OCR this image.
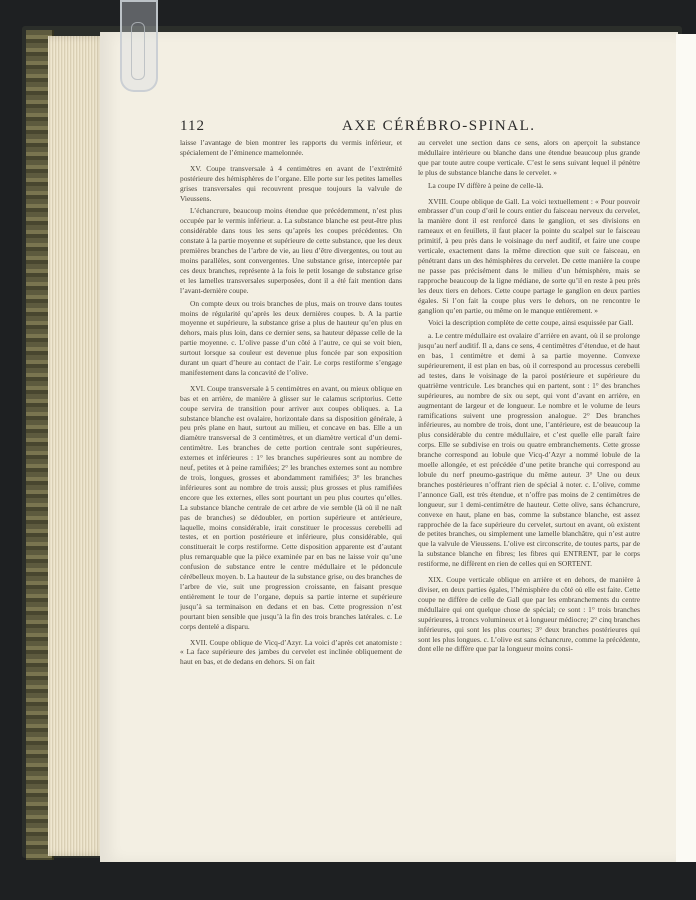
112	AXE CÉRÉBRO-SPINAL.

laisse l’avantage de bien montrer les rapports du vermis inférieur, et spécialement de l’éminence mamelonnée.

XV. Coupe transversale à 4 centimètres en avant de l’extrémité postérieure des hémisphères de l’organe. Elle porte sur les petites lamelles grises transversales qui recouvrent presque toujours la valvule de Vieussens.

L’échancrure, beaucoup moins étendue que précédemment, n’est plus occupée par le vermis inférieur. a. La substance blanche est peut-être plus considérable dans tous les sens qu’après les coupes précédentes. On constate à la partie moyenne et supérieure de cette substance, que les deux premières branches de l’arbre de vie, au lieu d’être divergentes, ou tout au moins parallèles, sont convergentes. Une substance grise, interceptée par ces deux branches, représente à la fois le petit losange de substance grise et les lamelles transversales superposées, dont il a été fait mention dans l’avant-dernière coupe.

On compte deux ou trois branches de plus, mais on trouve dans toutes moins de régularité qu’après les deux dernières coupes. b. A la partie moyenne et supérieure, la substance grise a plus de hauteur qu’en plus en dehors, mais plus loin, dans ce dernier sens, sa hauteur dépasse celle de la partie moyenne. c. L’olive passe d’un côté à l’autre, ce qui se voit bien, surtout lorsque sa couleur est devenue plus foncée par son exposition durant un quart d’heure au contact de l’air. Le corps restiforme s’engage manifestement dans la concavité de l’olive.

XVI. Coupe transversale à 5 centimètres en avant, ou mieux oblique en bas et en arrière, de manière à glisser sur le calamus scriptorius. Cette coupe servira de transition pour arriver aux coupes obliques. a. La substance blanche est ovalaire, horizontale dans sa disposition générale, à peu près plane en haut, surtout au milieu, et concave en bas. Elle a un diamètre transversal de 3 centimètres, et un diamètre vertical d’un demi-centimètre. Les branches de cette portion centrale sont supérieures, externes et inférieures : 1° les branches supérieures sont au nombre de neuf, petites et à peine ramifiées; 2° les branches externes sont au nombre de trois, longues, grosses et abondamment ramifiées; 3° les branches inférieures sont au nombre de trois aussi; plus grosses et plus ramifiées encore que les externes, elles sont pourtant un peu plus courtes qu’elles. La substance blanche centrale de cet arbre de vie semble (là où il ne naît pas de branches) se dédoubler, en portion supérieure et antérieure, laquelle, moins considérable, irait constituer le processus cerebelli ad testes, et en portion postérieure et inférieure, plus considérable, qui constituerait le corps restiforme. Cette disposition apparente est d’autant plus remarquable que la pièce examinée par en bas ne laisse voir qu’une confusion de substance entre le centre médullaire et le pédoncule cérébelleux moyen. b. La hauteur de la substance grise, ou des branches de l’arbre de vie, suit une progression croissante, en faisant presque entièrement le tour de l’organe, depuis sa partie interne et supérieure jusqu’à sa terminaison en dedans et en bas. Cette progression n’est pourtant bien sensible que jusqu’à la fin des trois branches latérales. c. Le corps dentelé a disparu.

XVII. Coupe oblique de Vicq-d’Azyr. La voici d’après cet anatomiste : « La face supérieure des jambes du cervelet est inclinée obliquement de haut en bas, et de dedans en dehors. Si on fait

au cervelet une section dans ce sens, alors on aperçoit la substance médullaire intérieure ou blanche dans une étendue beaucoup plus grande que par toute autre coupe verticale. C’est le sens suivant lequel il pénètre le plus de substance blanche dans le cervelet. »

La coupe IV diffère à peine de celle-là.

XVIII. Coupe oblique de Gall. La voici textuellement : « Pour pouvoir embrasser d’un coup d’œil le cours entier du faisceau nerveux du cervelet, la manière dont il est renforcé dans le ganglion, et ses divisions en rameaux et en feuillets, il faut placer la pointe du scalpel sur le faisceau primitif, à peu près dans le voisinage du nerf auditif, et faire une coupe verticale, exactement dans la même direction que suit ce faisceau, en pénétrant dans un des hémisphères du cervelet. De cette manière la coupe ne passe pas précisément dans le milieu d’un hémisphère, mais se rapproche beaucoup de la ligne médiane, de sorte qu’il en reste à peu près les deux tiers en dehors. Cette coupe partage le ganglion en deux parties égales. Si l’on fait la coupe plus vers le dehors, on ne rencontre le ganglion qu’en partie, ou même on le manque entièrement. »

Voici la description complète de cette coupe, ainsi esquissée par Gall.

a. Le centre médullaire est ovalaire d’arrière en avant, où il se prolonge jusqu’au nerf auditif. Il a, dans ce sens, 4 centimètres d’étendue, et de haut en bas, 1 centimètre et demi à sa partie moyenne. Convexe supérieurement, il est plan en bas, où il correspond au processus cerebelli ad testes, dans le voisinage de la paroi postérieure et supérieure du quatrième ventricule. Les branches qui en partent, sont : 1° des branches supérieures, au nombre de six ou sept, qui vont d’avant en arrière, en augmentant de largeur et de longueur. Le nombre et le volume de leurs ramifications suivent une progression analogue. 2° Des branches inférieures, au nombre de trois, dont une, l’antérieure, est de beaucoup la plus considérable du centre médullaire, et c’est quelle elle paraît faire corps. Elle se subdivise en trois ou quatre embranchements. Cette grosse branche correspond au lobule que Vicq-d’Azyr a nommé lobule de la moelle allongée, et est précédée d’une petite branche qui correspond au lobule du nerf pneumo-gastrique du même auteur. 3° Une ou deux branches postérieures n’offrant rien de spécial à noter. c. L’olive, comme l’annonce Gall, est très étendue, et n’offre pas moins de 2 centimètres de longueur, sur 1 demi-centimètre de hauteur. Cette olive, sans échancrure, convexe en haut, plane en bas, comme la substance blanche, est assez rapprochée de la face supérieure du cervelet, surtout en avant, où existent de petites branches, ou simplement une lamelle blanchâtre, qui n’est autre que la valvule de Vieussens. L’olive est circonscrite, de toutes parts, par de la substance blanche en fibres; les fibres qui ENTRENT, par le corps restiforme, ne diffèrent en rien de celles qui en SORTENT.

XIX. Coupe verticale oblique en arrière et en dehors, de manière à diviser, en deux parties égales, l’hémisphère du côté où elle est faite. Cette coupe ne diffère de celle de Gall que par les embranchements du centre médullaire qui ont quelque chose de spécial; ce sont : 1° trois branches supérieures, à troncs volumineux et à longueur médiocre; 2° cinq branches inférieures, qui sont les plus courtes; 3° deux branches postérieures qui sont les plus longues. c. L’olive est sans échancrure, comme la précédente, dont elle ne diffère que par la longueur moins consi-
